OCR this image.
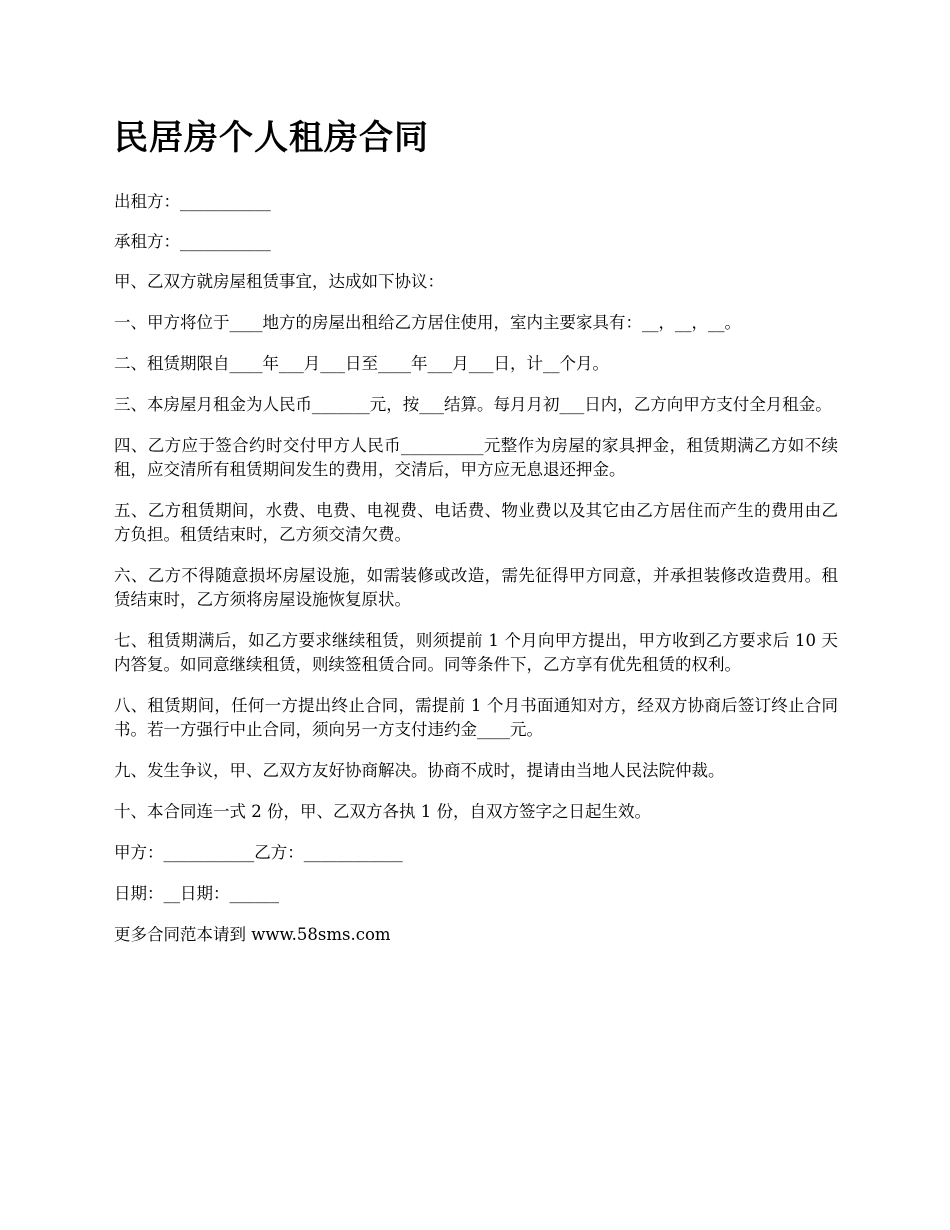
民居房个人租房合同

出租方：___________

承租方：___________

甲、乙双方就房屋租赁事宜，达成如下协议：

一、甲方将位于____地方的房屋出租给乙方居住使用，室内主要家具有：__，__，__。

二、租赁期限自____年___月___日至____年___月___日，计__个月。

三、本房屋月租金为人民币_______元，按___结算。每月月初___日内，乙方向甲方支付全月租金。

四、乙方应于签合约时交付甲方人民币__________元整作为房屋的家具押金，租赁期满乙方如不续租，应交清所有租赁期间发生的费用，交清后，甲方应无息退还押金。

五、乙方租赁期间，水费、电费、电视费、电话费、物业费以及其它由乙方居住而产生的费用由乙方负担。租赁结束时，乙方须交清欠费。

六、乙方不得随意损坏房屋设施，如需装修或改造，需先征得甲方同意，并承担装修改造费用。租赁结束时，乙方须将房屋设施恢复原状。

七、租赁期满后，如乙方要求继续租赁，则须提前 1 个月向甲方提出，甲方收到乙方要求后 10 天内答复。如同意继续租赁，则续签租赁合同。同等条件下，乙方享有优先租赁的权利。

八、租赁期间，任何一方提出终止合同，需提前 1 个月书面通知对方，经双方协商后签订终止合同书。若一方强行中止合同，须向另一方支付违约金____元。

九、发生争议，甲、乙双方友好协商解决。协商不成时，提请由当地人民法院仲裁。

十、本合同连一式 2 份，甲、乙双方各执 1 份，自双方签字之日起生效。

甲方：___________乙方：____________

日期：__日期：______

更多合同范本请到 www.58sms.com
